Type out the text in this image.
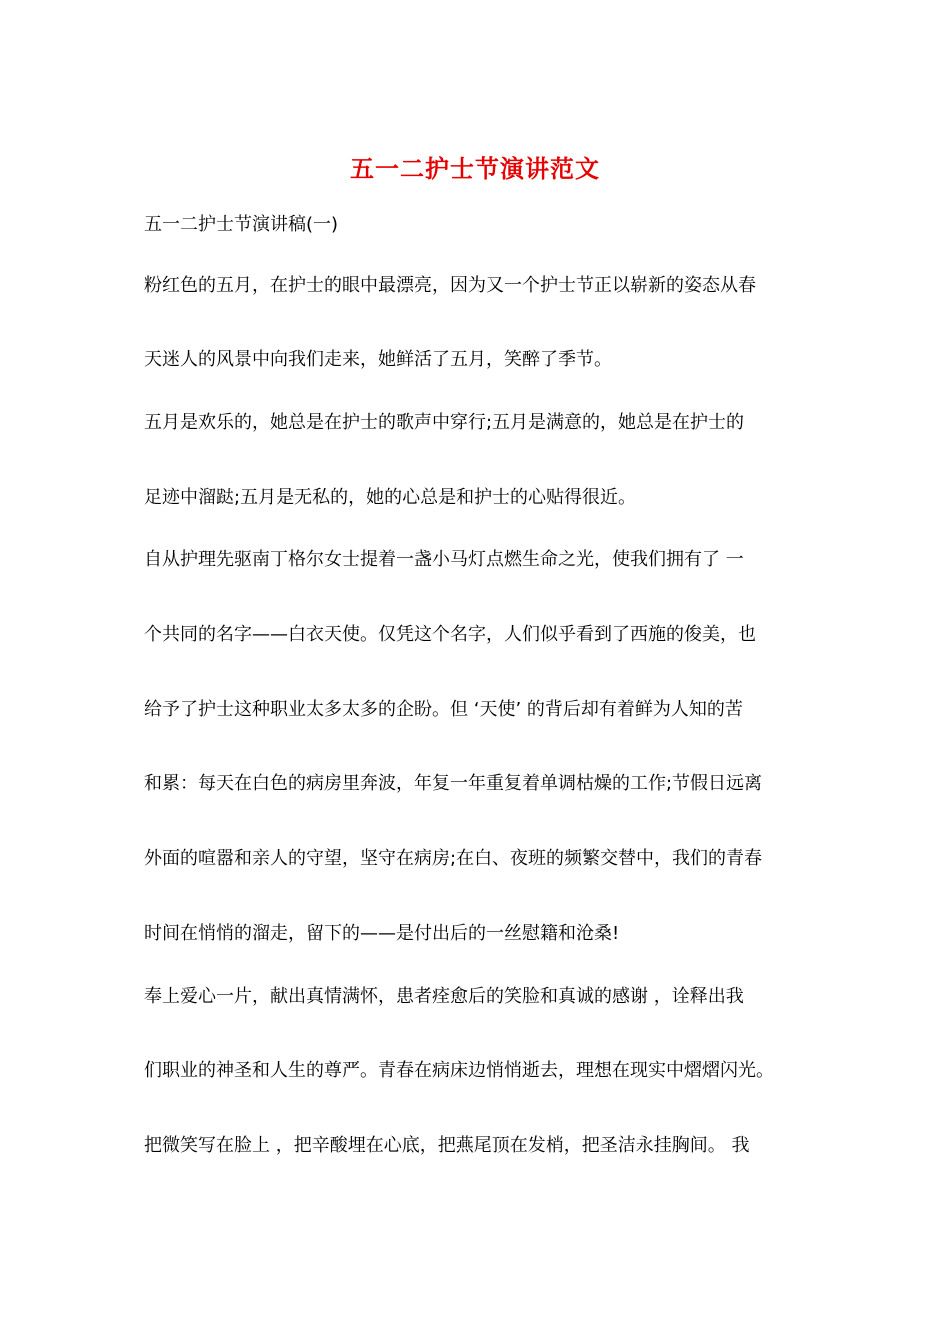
五一二护士节演讲范文
五一二护士节演讲稿(一)
粉红色的五月，在护士的眼中最漂亮，因为又一个护士节正以崭新的姿态从春
天迷人的风景中向我们走来，她鲜活了五月，笑醉了季节。
五月是欢乐的，她总是在护士的歌声中穿行;五月是满意的，她总是在护士的
足迹中溜跶;五月是无私的，她的心总是和护士的心贴得很近。
自从护理先驱南丁格尔女士提着一盏小马灯点燃生命之光，使我们拥有了 一
个共同的名字——白衣天使。仅凭这个名字，人们似乎看到了西施的俊美，也
给予了护士这种职业太多太多的企盼。但 ‘天使’ 的背后却有着鲜为人知的苦
和累：每天在白色的病房里奔波，年复一年重复着单调枯燥的工作;节假日远离
外面的喧嚣和亲人的守望，坚守在病房;在白、夜班的频繁交替中，我们的青春
时间在悄悄的溜走，留下的——是付出后的一丝慰籍和沧桑!
奉上爱心一片，献出真情满怀，患者痊愈后的笑脸和真诚的感谢 ，诠释出我
们职业的神圣和人生的尊严。青春在病床边悄悄逝去，理想在现实中熠熠闪光。
把微笑写在脸上 ，把辛酸埋在心底，把燕尾顶在发梢，把圣洁永挂胸间。 我
